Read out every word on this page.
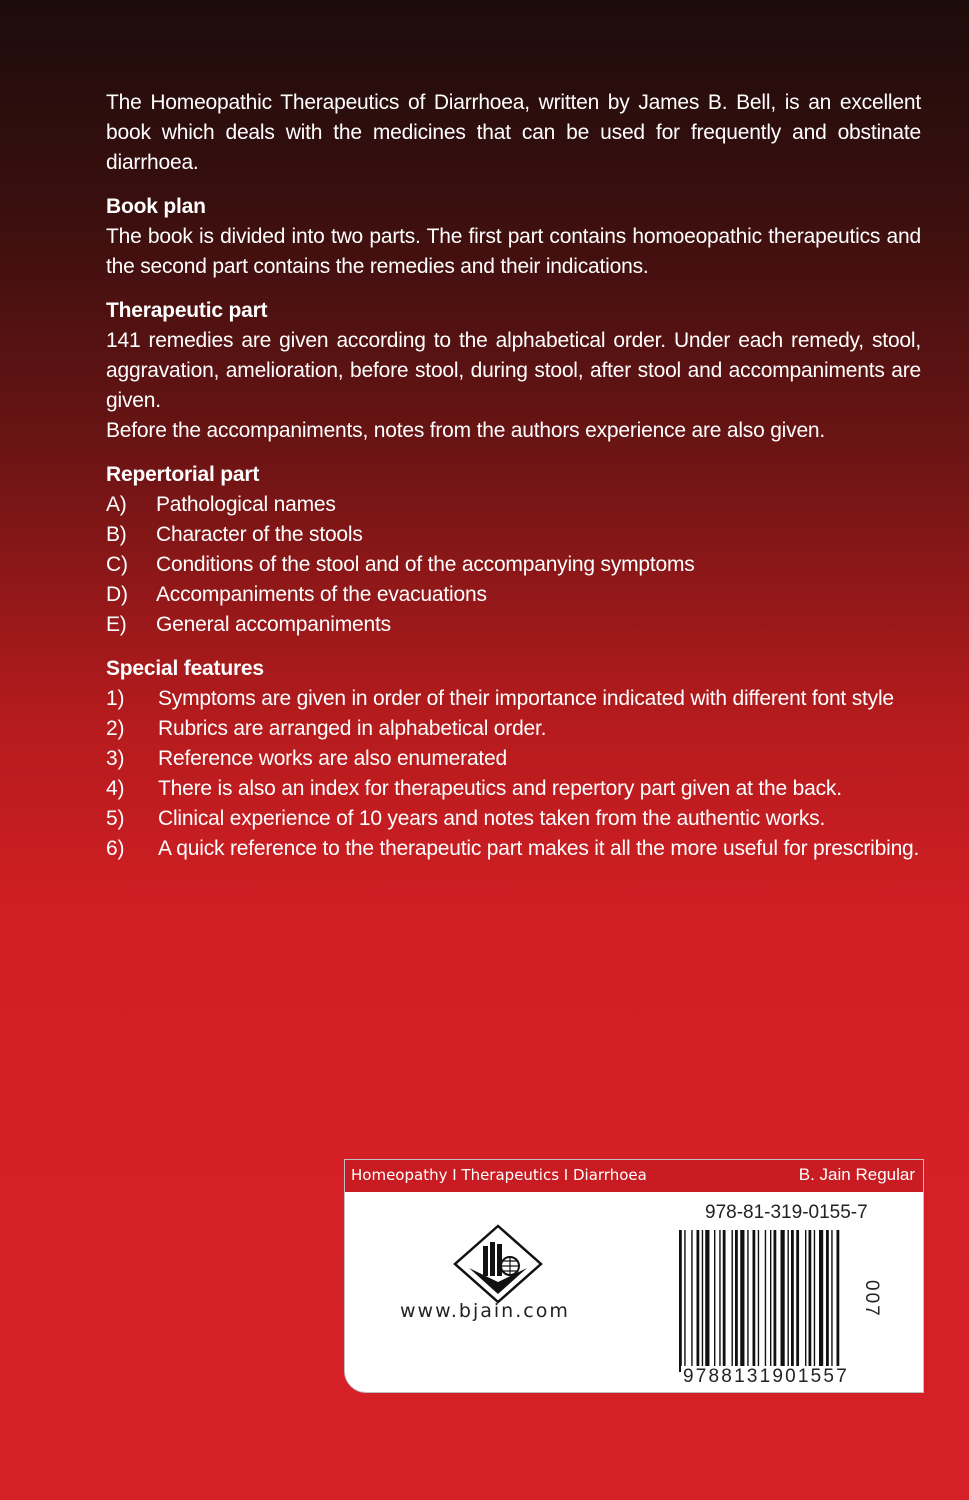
The Homeopathic Therapeutics of Diarrhoea, written by James B. Bell, is an excellent book which deals with the medicines that can be used for frequently and obstinate diarrhoea.

Book plan

The book is divided into two parts. The first part contains homoeopathic therapeutics and the second part contains the remedies and their indications.

Therapeutic part

141 remedies are given according to the alphabetical order. Under each remedy, stool, aggravation, amelioration, before stool, during stool, after stool and accompaniments are given.

Before the accompaniments, notes from the authors experience are also given.

Repertorial part

A)	Pathological names
B)	Character of the stools
C)	Conditions of the stool and of the accompanying symptoms
D)	Accompaniments of the evacuations
E)	General accompaniments

Special features

1)	Symptoms are given in order of their importance indicated with different font style
2)	Rubrics are arranged in alphabetical order.
3)	Reference works are also enumerated
4)	There is also an index for therapeutics and repertory part given at the back.
5)	Clinical experience of 10 years and notes taken from the authentic works.
6)	A quick reference to the therapeutic part makes it all the more useful for prescribing.
Homeopathy I Therapeutics I Diarrhoea	B. Jain Regular
978-81-319-0155-7
www.bjain.com
9788131901557
007
